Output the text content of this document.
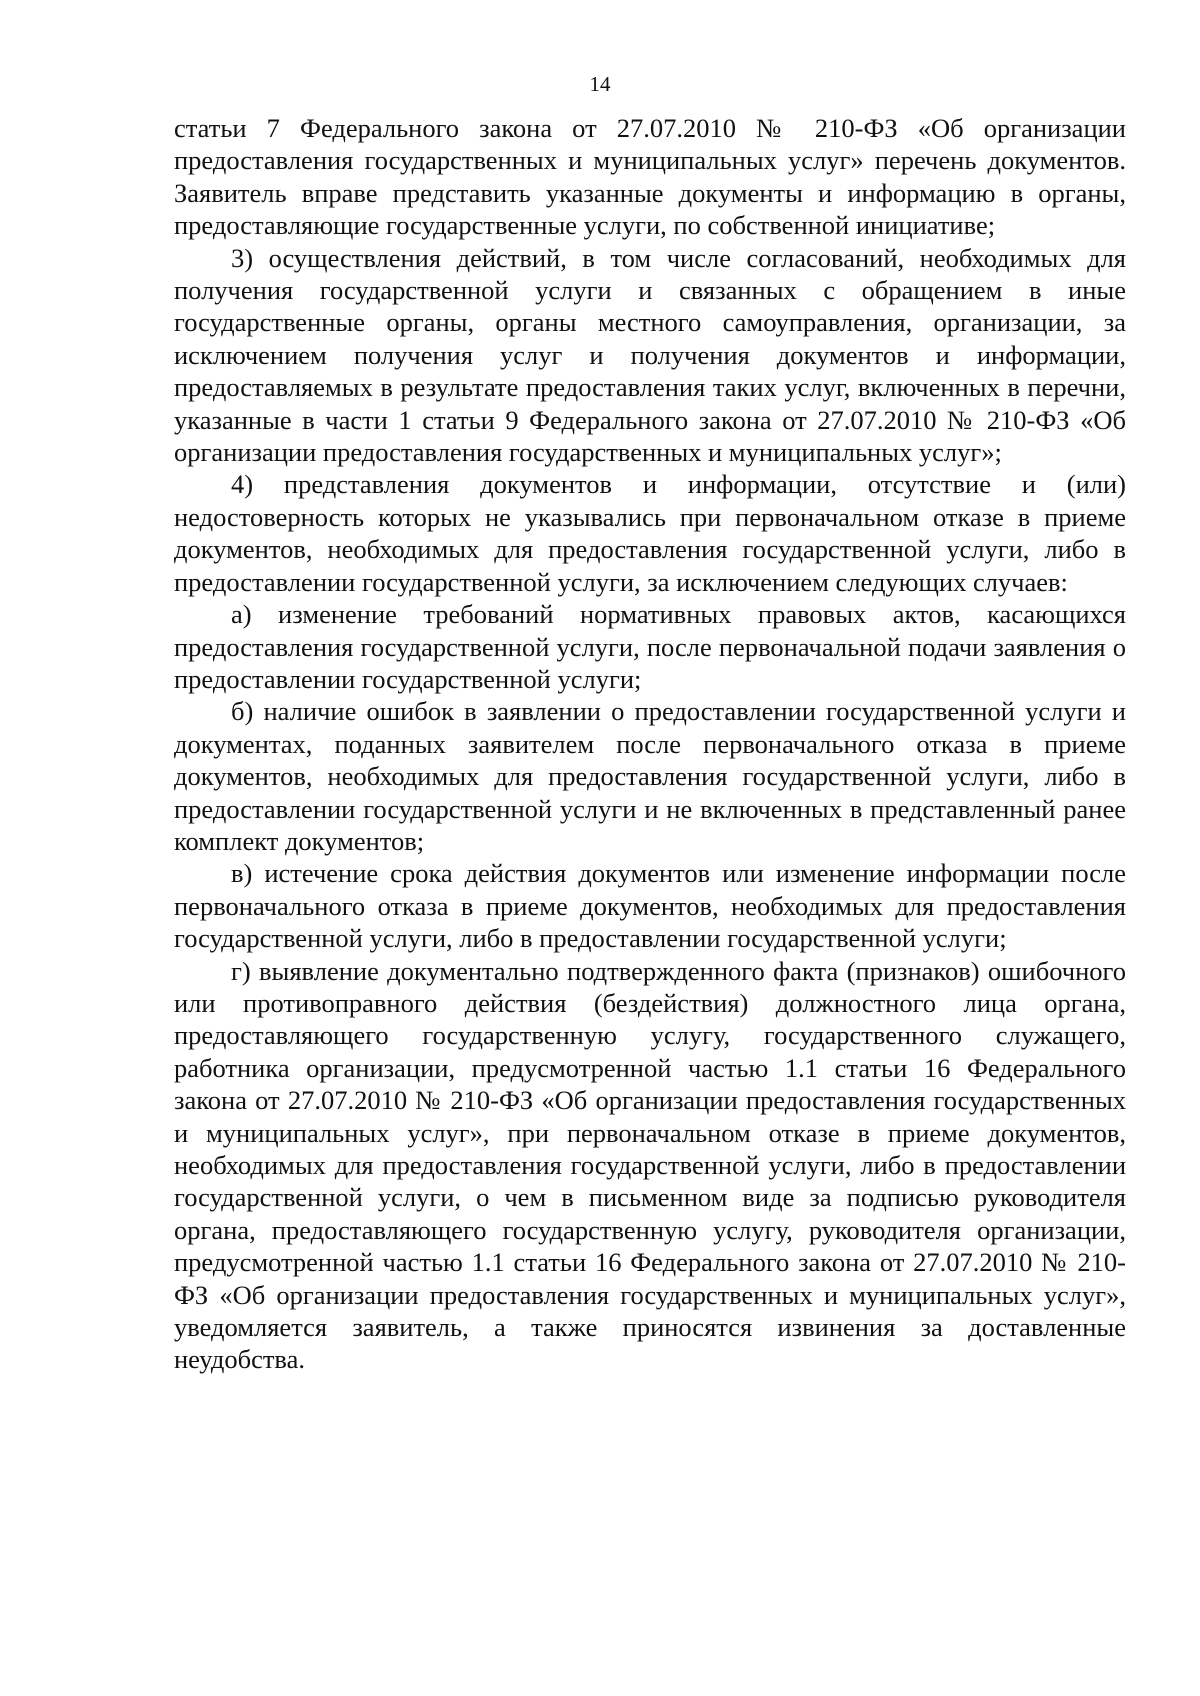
14

статьи 7 Федерального закона от 27.07.2010 № 210-ФЗ «Об организации предоставления государственных и муниципальных услуг» перечень документов. Заявитель вправе представить указанные документы и информацию в органы, предоставляющие государственные услуги, по собственной инициативе;

3) осуществления действий, в том числе согласований, необходимых для получения государственной услуги и связанных с обращением в иные государственные органы, органы местного самоуправления, организации, за исключением получения услуг и получения документов и информации, предоставляемых в результате предоставления таких услуг, включенных в перечни, указанные в части 1 статьи 9 Федерального закона от 27.07.2010 № 210-ФЗ «Об организации предоставления государственных и муниципальных услуг»;

4) представления документов и информации, отсутствие и (или) недостоверность которых не указывались при первоначальном отказе в приеме документов, необходимых для предоставления государственной услуги, либо в предоставлении государственной услуги, за исключением следующих случаев:

а) изменение требований нормативных правовых актов, касающихся предоставления государственной услуги, после первоначальной подачи заявления о предоставлении государственной услуги;

б) наличие ошибок в заявлении о предоставлении государственной услуги и документах, поданных заявителем после первоначального отказа в приеме документов, необходимых для предоставления государственной услуги, либо в предоставлении государственной услуги и не включенных в представленный ранее комплект документов;

в) истечение срока действия документов или изменение информации после первоначального отказа в приеме документов, необходимых для предоставления государственной услуги, либо в предоставлении государственной услуги;

г) выявление документально подтвержденного факта (признаков) ошибочного или противоправного действия (бездействия) должностного лица органа, предоставляющего государственную услугу, государственного служащего, работника организации, предусмотренной частью 1.1 статьи 16 Федерального закона от 27.07.2010 № 210-ФЗ «Об организации предоставления государственных и муниципальных услуг», при первоначальном отказе в приеме документов, необходимых для предоставления государственной услуги, либо в предоставлении государственной услуги, о чем в письменном виде за подписью руководителя органа, предоставляющего государственную услугу, руководителя организации, предусмотренной частью 1.1 статьи 16 Федерального закона от 27.07.2010 № 210-ФЗ «Об организации предоставления государственных и муниципальных услуг», уведомляется заявитель, а также приносятся извинения за доставленные неудобства.
